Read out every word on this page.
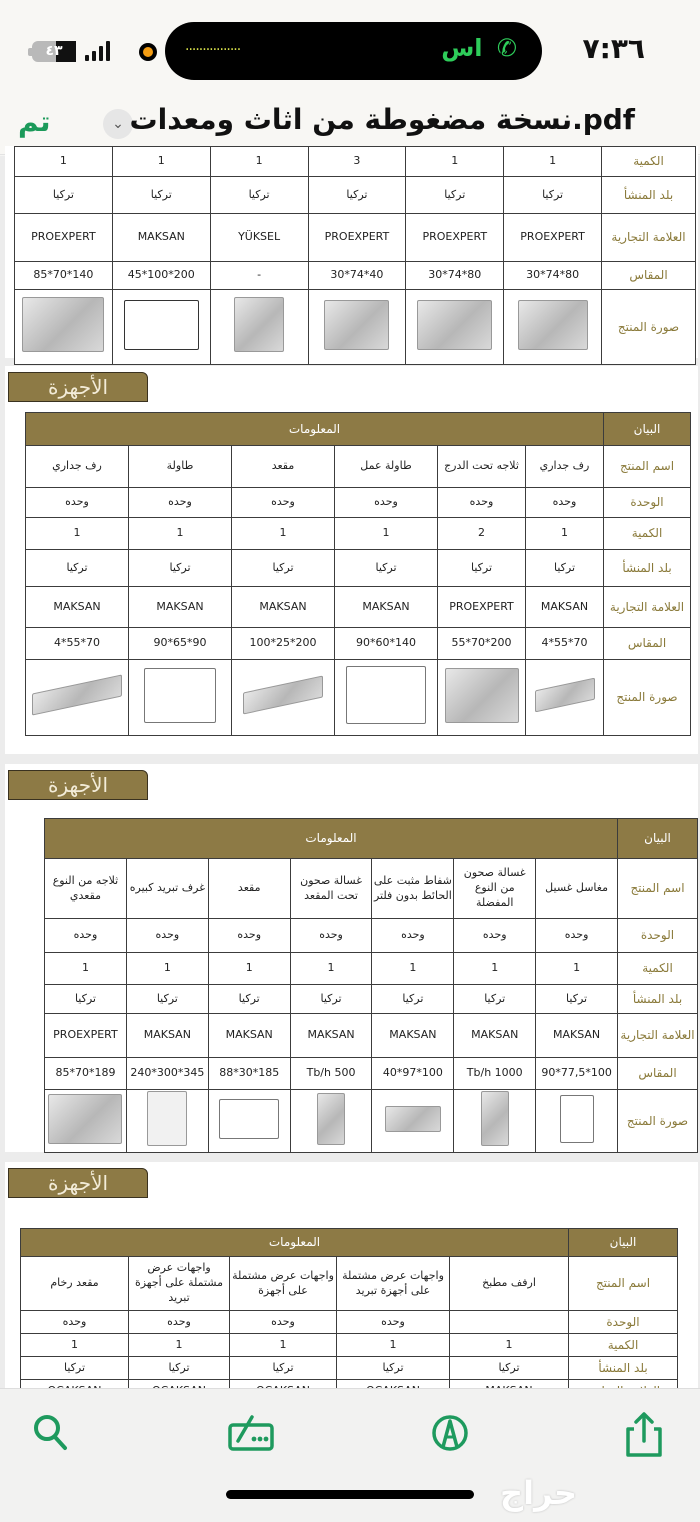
٧:٣٦
................	اس ✆
٤٣
تم	⌄ pdf.نسخة مضغوطة من اثاث ومعدات
الكمية	1	1	3	1	1	1
بلد المنشأ	تركيا	تركيا	تركيا	تركيا	تركيا	تركيا
العلامة التجارية	PROEXPERT	PROEXPERT	PROEXPERT	YÜKSEL	MAKSAN	PROEXPERT
المقاس	80*74*30	80*74*30	40*74*30	-	200*100*45	140*70*85
صورة المنتج						
الأجهزة
البيان	المعلومات					
اسم المنتج	رف جداري	ثلاجه تحت الدرج	طاولة عمل	مقعد	طاولة	رف جداري
الوحدة	وحده	وحده	وحده	وحده	وحده	وحده
الكمية	1	2	1	1	1	1
بلد المنشأ	تركيا	تركيا	تركيا	تركيا	تركيا	تركيا
العلامة التجارية	MAKSAN	PROEXPERT	MAKSAN	MAKSAN	MAKSAN	MAKSAN
المقاس	70*55*4	200*70*55	140*60*90	200*25*100	90*65*90	70*55*4
صورة المنتج						
الأجهزة
البيان	المعلومات						
اسم المنتج	مغاسل غسيل	غسالة صحون من النوع المفضلة	شفاط مثبت على الحائط بدون فلتر	غسالة صحون تحت المقعد	مقعد	غرف تبريد كبيره	ثلاجه من النوع مقعدي
الوحدة	وحده	وحده	وحده	وحده	وحده	وحده	وحده
الكمية	1	1	1	1	1	1	1
بلد المنشأ	تركيا	تركيا	تركيا	تركيا	تركيا	تركيا	تركيا
العلامة التجارية	MAKSAN	MAKSAN	MAKSAN	MAKSAN	MAKSAN	MAKSAN	PROEXPERT
المقاس	100*77,5*90	1000 Tb/h	100*97*40	500 Tb/h	185*30*88	345*300*240	189*70*85
صورة المنتج							
الأجهزة
البيان	المعلومات				
اسم المنتج	ارفف مطبخ	واجهات عرض مشتملة على أجهزة تبريد	واجهات عرض مشتملة على أجهزة	واجهات عرض مشتملة على أجهزة تبريد	مقعد رخام
الوحدة		وحده	وحده	وحده	وحده
الكمية	1	1	1	1	1
بلد المنشأ	تركيا	تركيا	تركيا	تركيا	تركيا

حراج
